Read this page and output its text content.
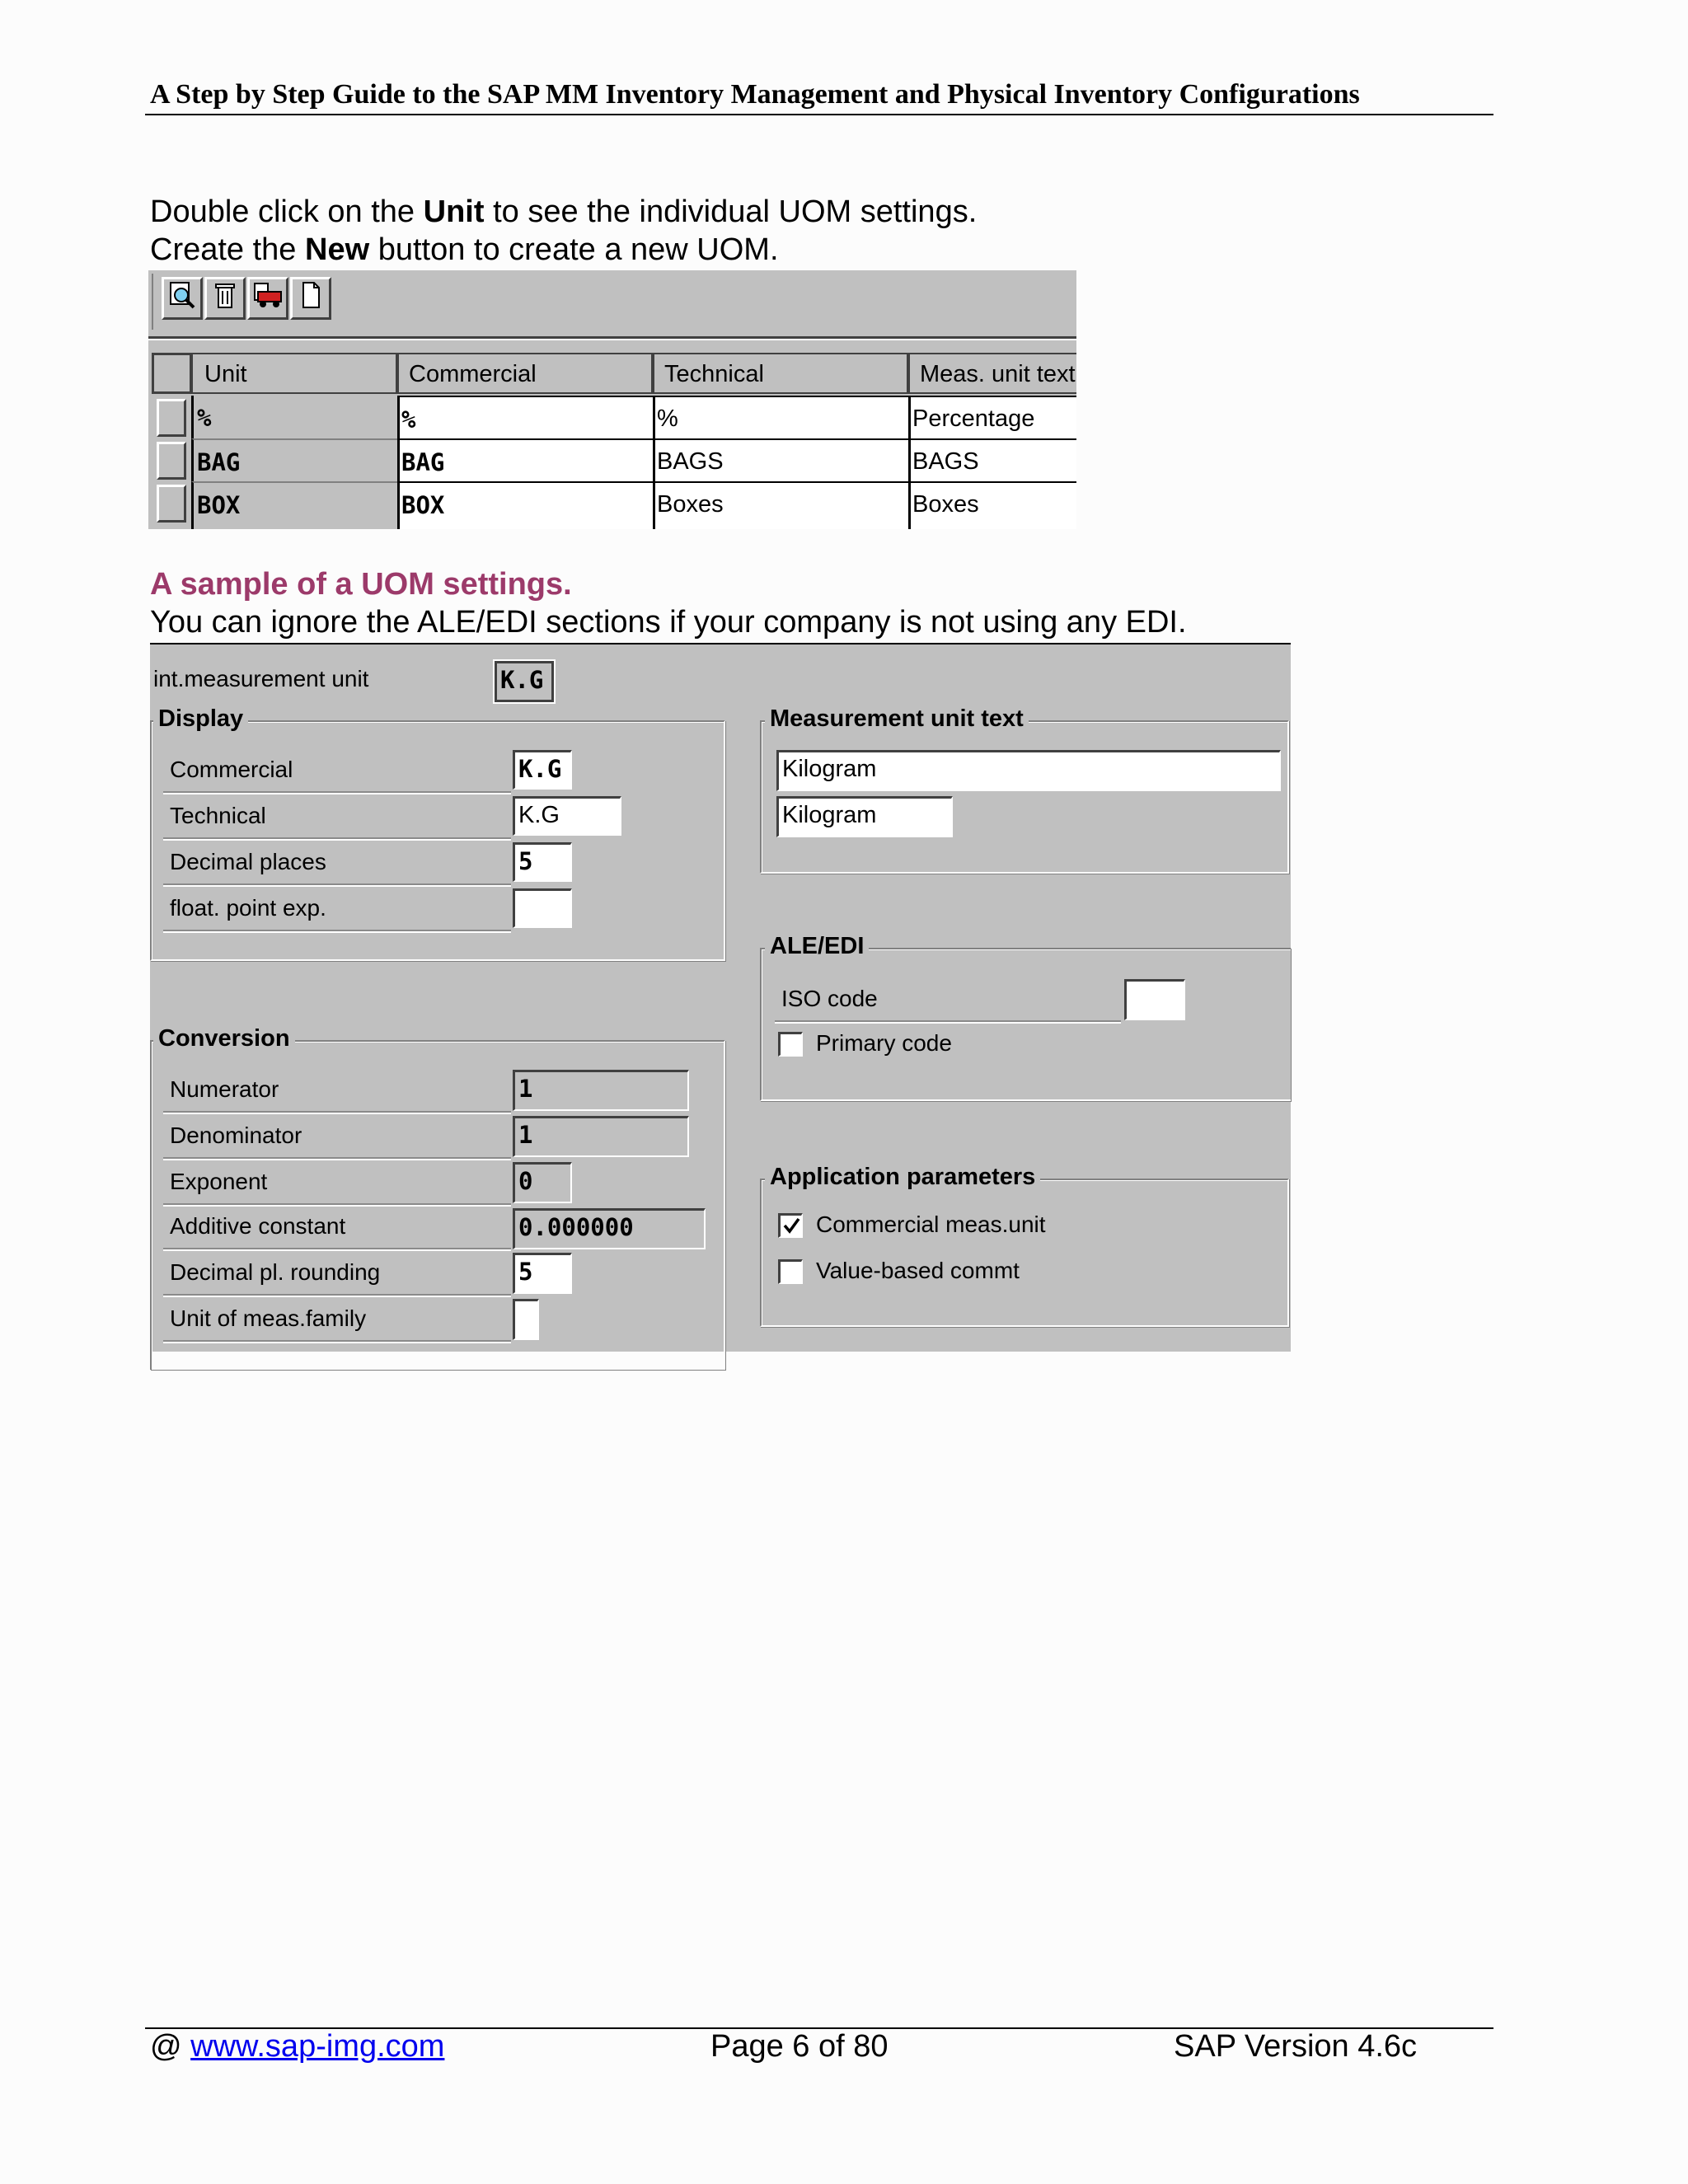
A Step by Step Guide to the SAP MM Inventory Management and Physical Inventory Configurations
Double click on the Unit to see the individual UOM settings.
Create the New button to create a new UOM.
Unit	Commercial	Technical	Meas. unit text
%	%	%	Percentage
BAG	BAG	BAGS	BAGS
BOX	BOX	Boxes	Boxes
A sample of a UOM settings.
You can ignore the ALE/EDI sections if your company is not using any EDI.
int.measurement unit	K.G
Display
Commercial	K.G
Technical	K.G
Decimal places	5
float. point exp.
Measurement unit text
Kilogram
Kilogram
ALE/EDI
ISO code
Primary code
Conversion
Numerator	1
Denominator	1
Exponent	0
Additive constant	0.000000
Decimal pl. rounding	5
Unit of meas.family
Application parameters
Commercial meas.unit
Value-based commt
@ www.sap-img.com	Page 6 of 80	SAP Version 4.6c
